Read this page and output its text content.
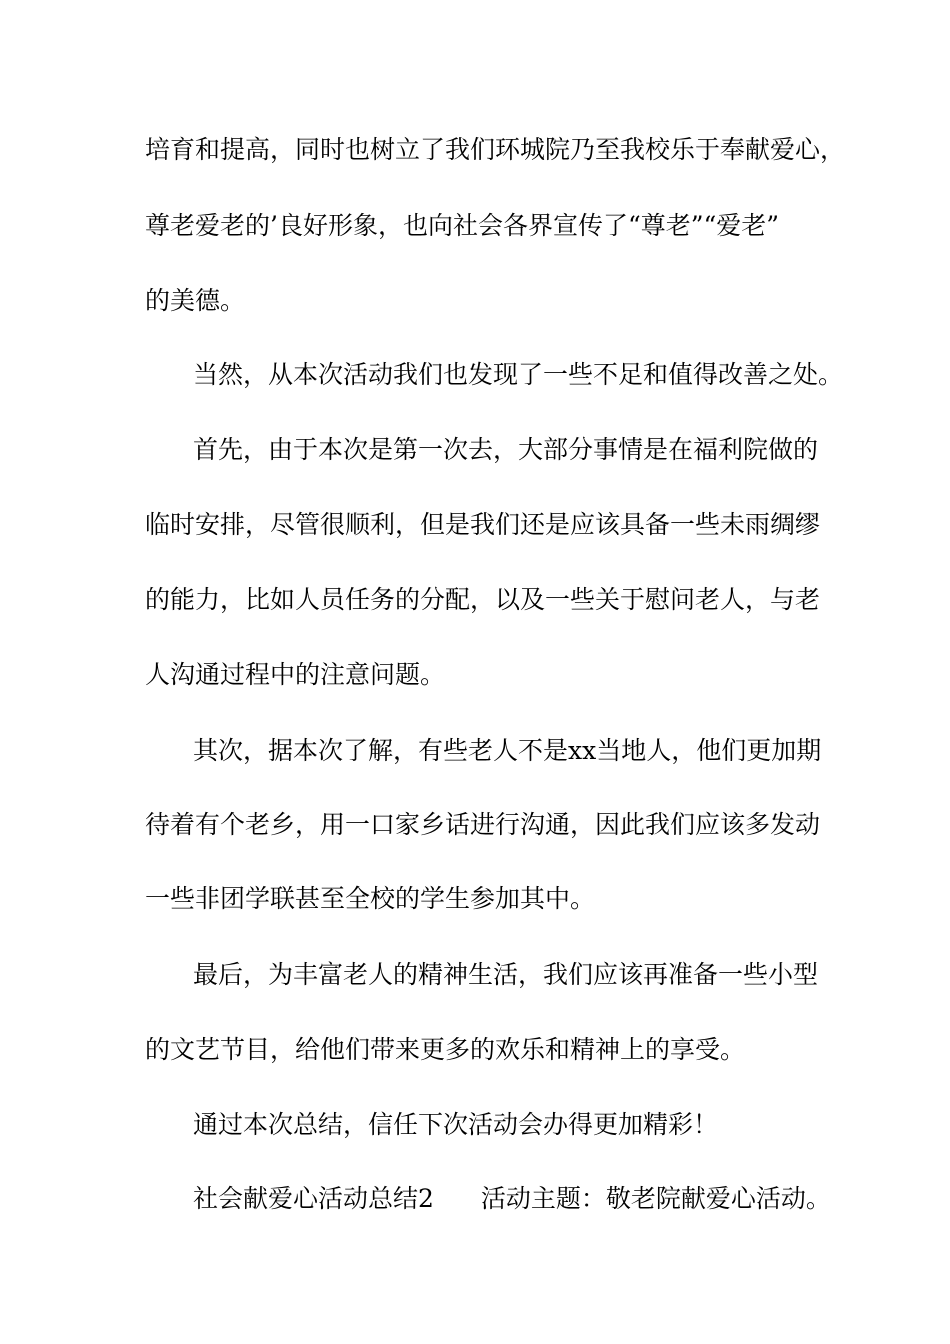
培育和提高，同时也树立了我们环城院乃至我校乐于奉献爱心，
尊老爱老的’良好形象，也向社会各界宣传了“尊老”“爱老”
的美德。
当然，从本次活动我们也发现了一些不足和值得改善之处。
首先，由于本次是第一次去，大部分事情是在福利院做的
临时安排，尽管很顺利，但是我们还是应该具备一些未雨绸缪
的能力，比如人员任务的分配，以及一些关于慰问老人，与老
人沟通过程中的注意问题。
其次，据本次了解，有些老人不是xx当地人，他们更加期
待着有个老乡，用一口家乡话进行沟通，因此我们应该多发动
一些非团学联甚至全校的学生参加其中。
最后，为丰富老人的精神生活，我们应该再准备一些小型
的文艺节目，给他们带来更多的欢乐和精神上的享受。
通过本次总结，信任下次活动会办得更加精彩！
社会献爱心活动总结2 活动主题：敬老院献爱心活动。
